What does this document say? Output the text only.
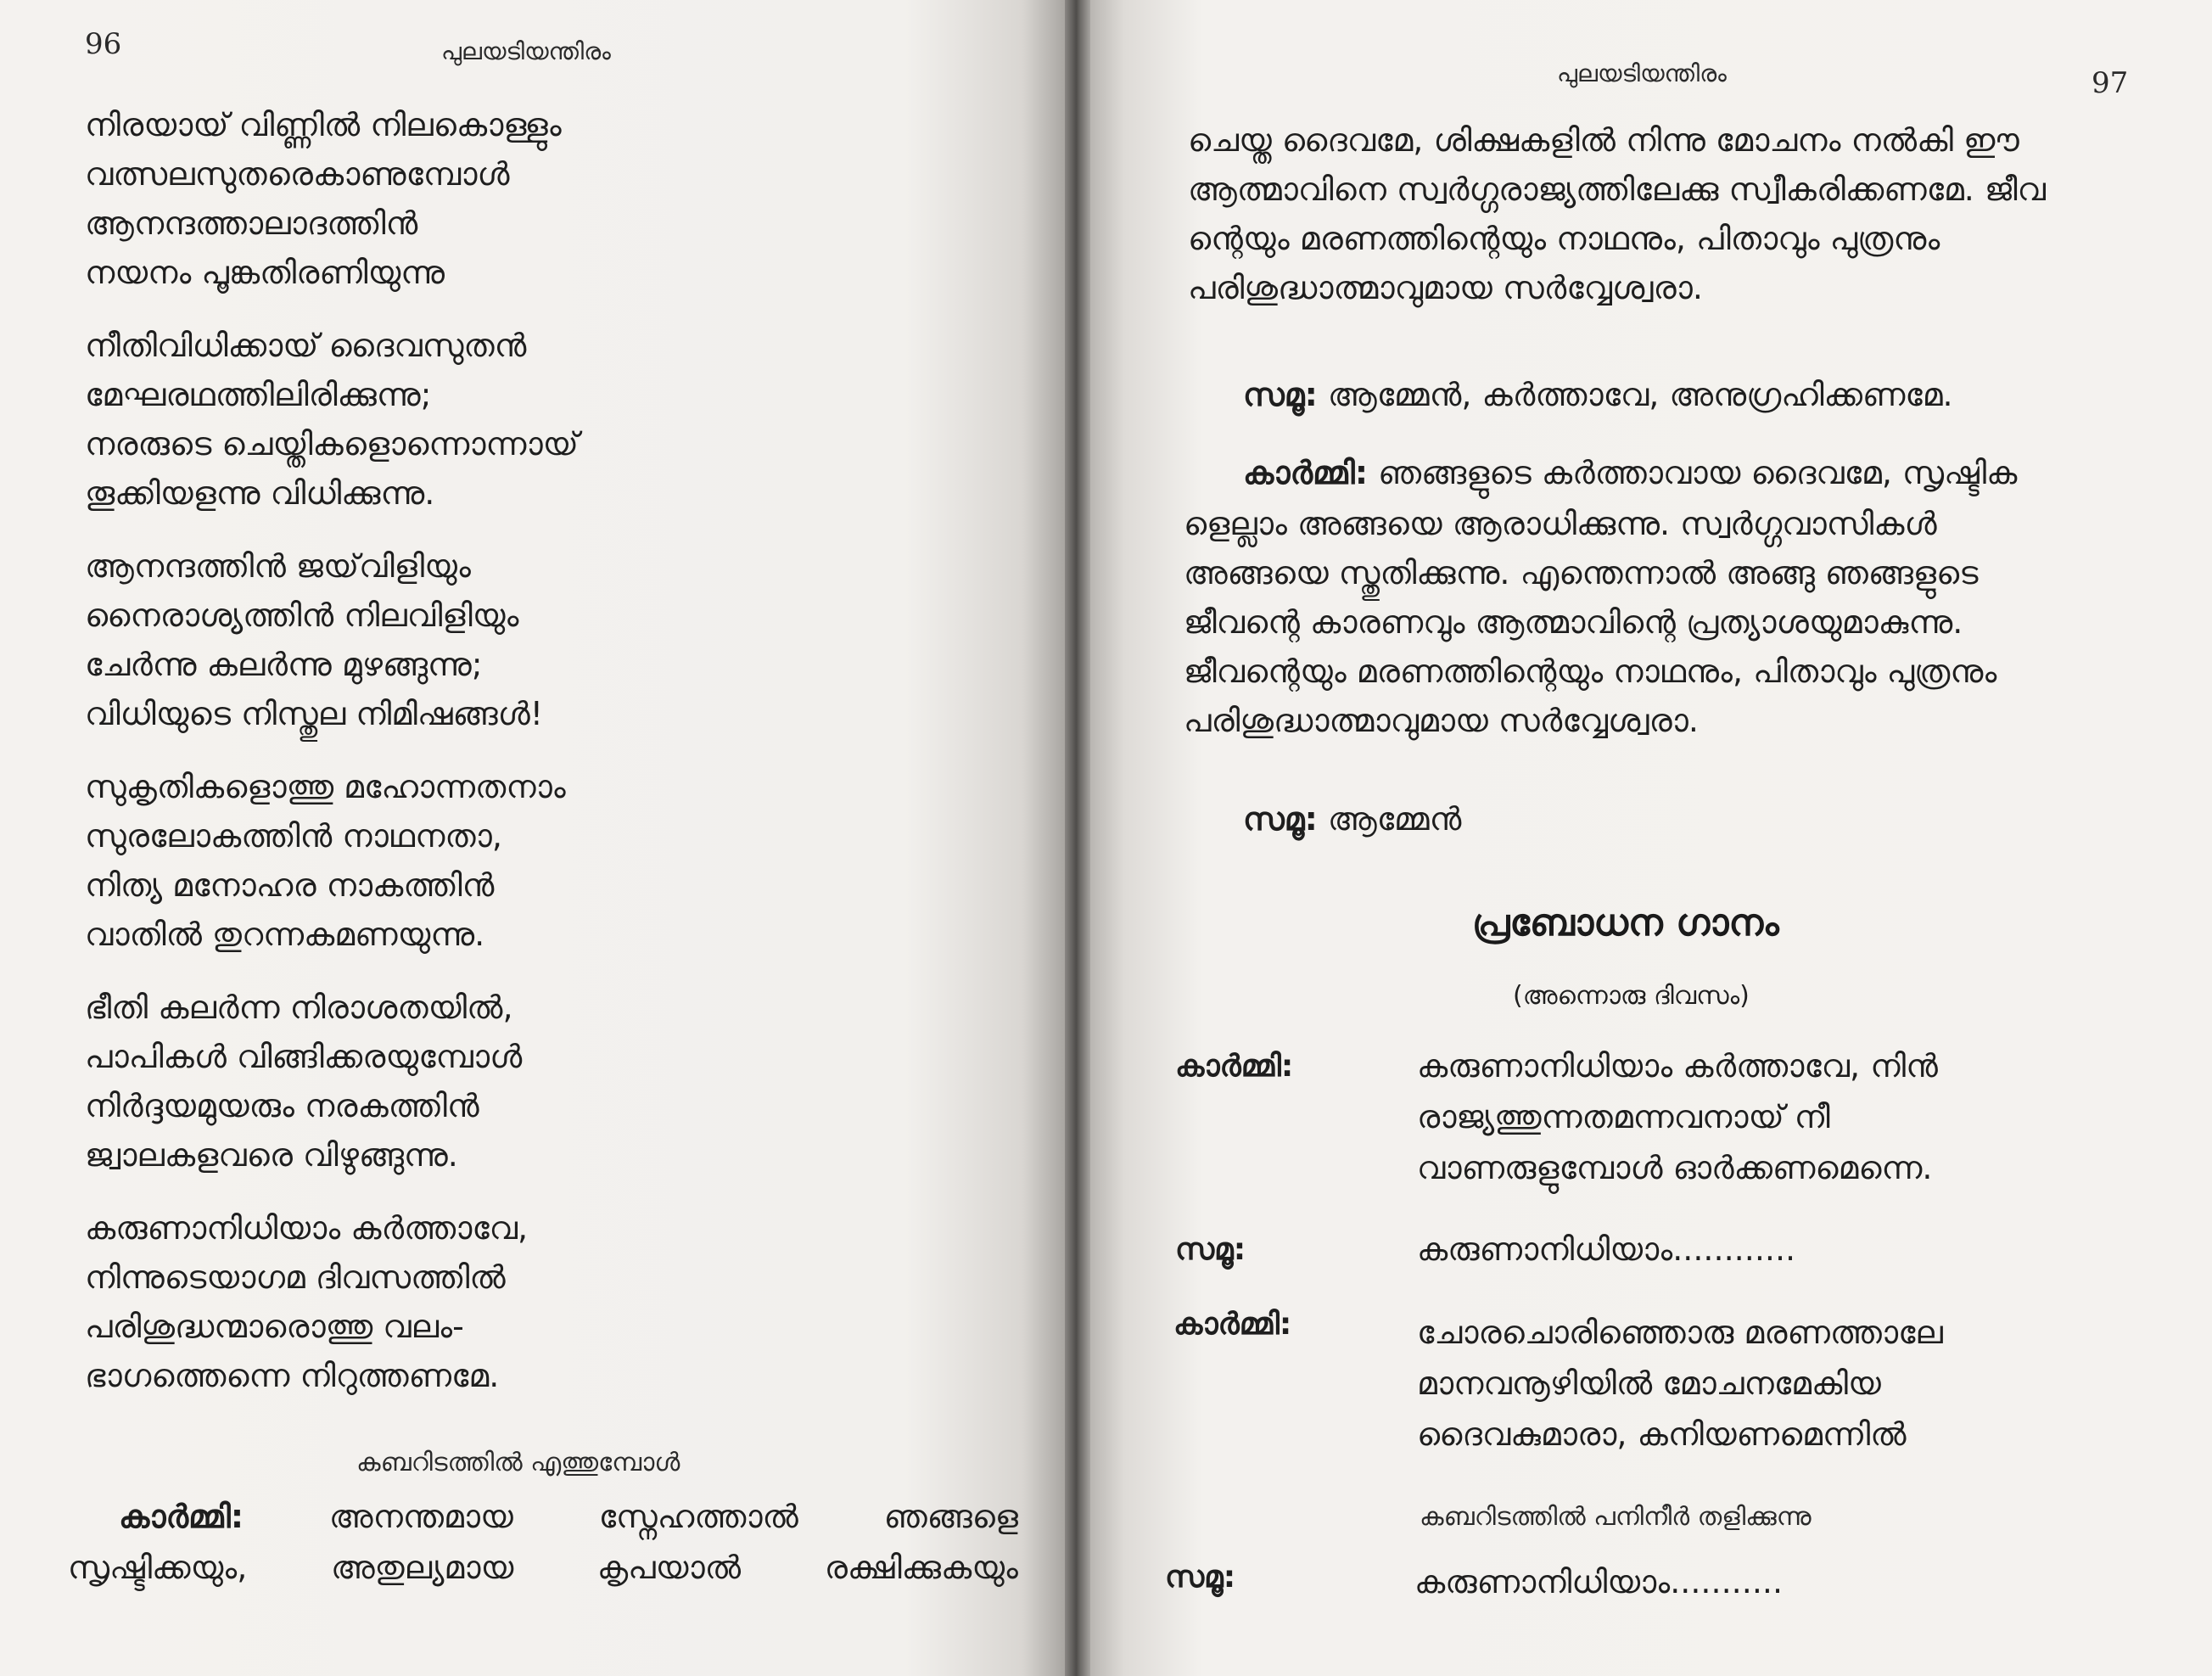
96	പുലയടിയന്തിരം
നിരയായ് വിണ്ണിൽ നിലകൊള്ളും
വത്സലസുതരെകാണുമ്പോൾ
ആനന്ദത്താലാദത്തിൻ
നയനം പൂങ്കതിരണിയുന്നു
നീതിവിധിക്കായ് ദൈവസുതൻ
മേഘരഥത്തിലിരിക്കുന്നു;
നരരുടെ ചെയ്തികളൊന്നൊന്നായ്
തൂക്കിയളന്നു വിധിക്കുന്നു.
ആനന്ദത്തിൻ ജയ്‌വിളിയും
നൈരാശ്യത്തിൻ നിലവിളിയും
ചേർന്നു കലർന്നു മുഴങ്ങുന്നു;
വിധിയുടെ നിസ്തുല നിമിഷങ്ങൾ!
സുകൃതികളൊത്തു മഹോന്നതനാം
സുരലോകത്തിൻ നാഥനതാ,
നിത്യ മനോഹര നാകത്തിൻ
വാതിൽ തുറന്നകമണയുന്നു.
ഭീതി കലർന്ന നിരാശതയിൽ,
പാപികൾ വിങ്ങിക്കരയുമ്പോൾ
നിർദ്ദയമുയരും നരകത്തിൻ
ജ്വാലകളവരെ വിഴുങ്ങുന്നു.
കരുണാനിധിയാം കർത്താവേ,
നിന്നുടെയാഗമ ദിവസത്തിൽ
പരിശുദ്ധന്മാരൊത്തു വലം-
ഭാഗത്തെന്നെ നിറുത്തണമേ.
കബറിടത്തിൽ എത്തുമ്പോൾ
കാർമ്മി:	അനന്തമായ	സ്നേഹത്താൽ	ഞങ്ങളെ
സൃഷ്ടിക്കയും,	അതുല്യമായ	കൃപയാൽ	രക്ഷിക്കുകയും
പുലയടിയന്തിരം	97
ചെയ്ത ദൈവമേ, ശിക്ഷകളിൽ നിന്നു മോചനം നൽകി ഈ
ആത്മാവിനെ സ്വർഗ്ഗരാജ്യത്തിലേക്കു സ്വീകരിക്കണമേ. ജീവ
ന്റെയും മരണത്തിന്റെയും നാഥനും, പിതാവും പുത്രനും
പരിശുദ്ധാത്മാവുമായ സർവ്വേശ്വരാ.
സമൂ: ആമ്മേൻ, കർത്താവേ, അനുഗ്രഹിക്കണമേ.
കാർമ്മി: ഞങ്ങളുടെ കർത്താവായ ദൈവമേ, സൃഷ്ടിക
ളെല്ലാം അങ്ങയെ ആരാധിക്കുന്നു. സ്വർഗ്ഗവാസികൾ
അങ്ങയെ സ്തുതിക്കുന്നു. എന്തെന്നാൽ അങ്ങു ഞങ്ങളുടെ
ജീവന്റെ കാരണവും ആത്മാവിന്റെ പ്രത്യാശയുമാകുന്നു.
ജീവന്റെയും മരണത്തിന്റെയും നാഥനും, പിതാവും പുത്രനും
പരിശുദ്ധാത്മാവുമായ സർവ്വേശ്വരാ.
സമൂ: ആമ്മേൻ
പ്രബോധന ഗാനം
(അന്നൊരു ദിവസം)
കാർമ്മി:	കരുണാനിധിയാം കർത്താവേ, നിൻ
രാജ്യത്തുന്നതമന്നവനായ് നീ
വാണരുളുമ്പോൾ ഓർക്കണമെന്നെ.
സമൂ:	കരുണാനിധിയാം............
കാർമ്മി:	ചോരചൊരിഞ്ഞൊരു മരണത്താലേ
മാനവനൂഴിയിൽ മോചനമേകിയ
ദൈവകുമാരാ, കനിയണമെന്നിൽ
കബറിടത്തിൽ പനിനീർ തളിക്കുന്നു
സമൂ:	കരുണാനിധിയാം...........
